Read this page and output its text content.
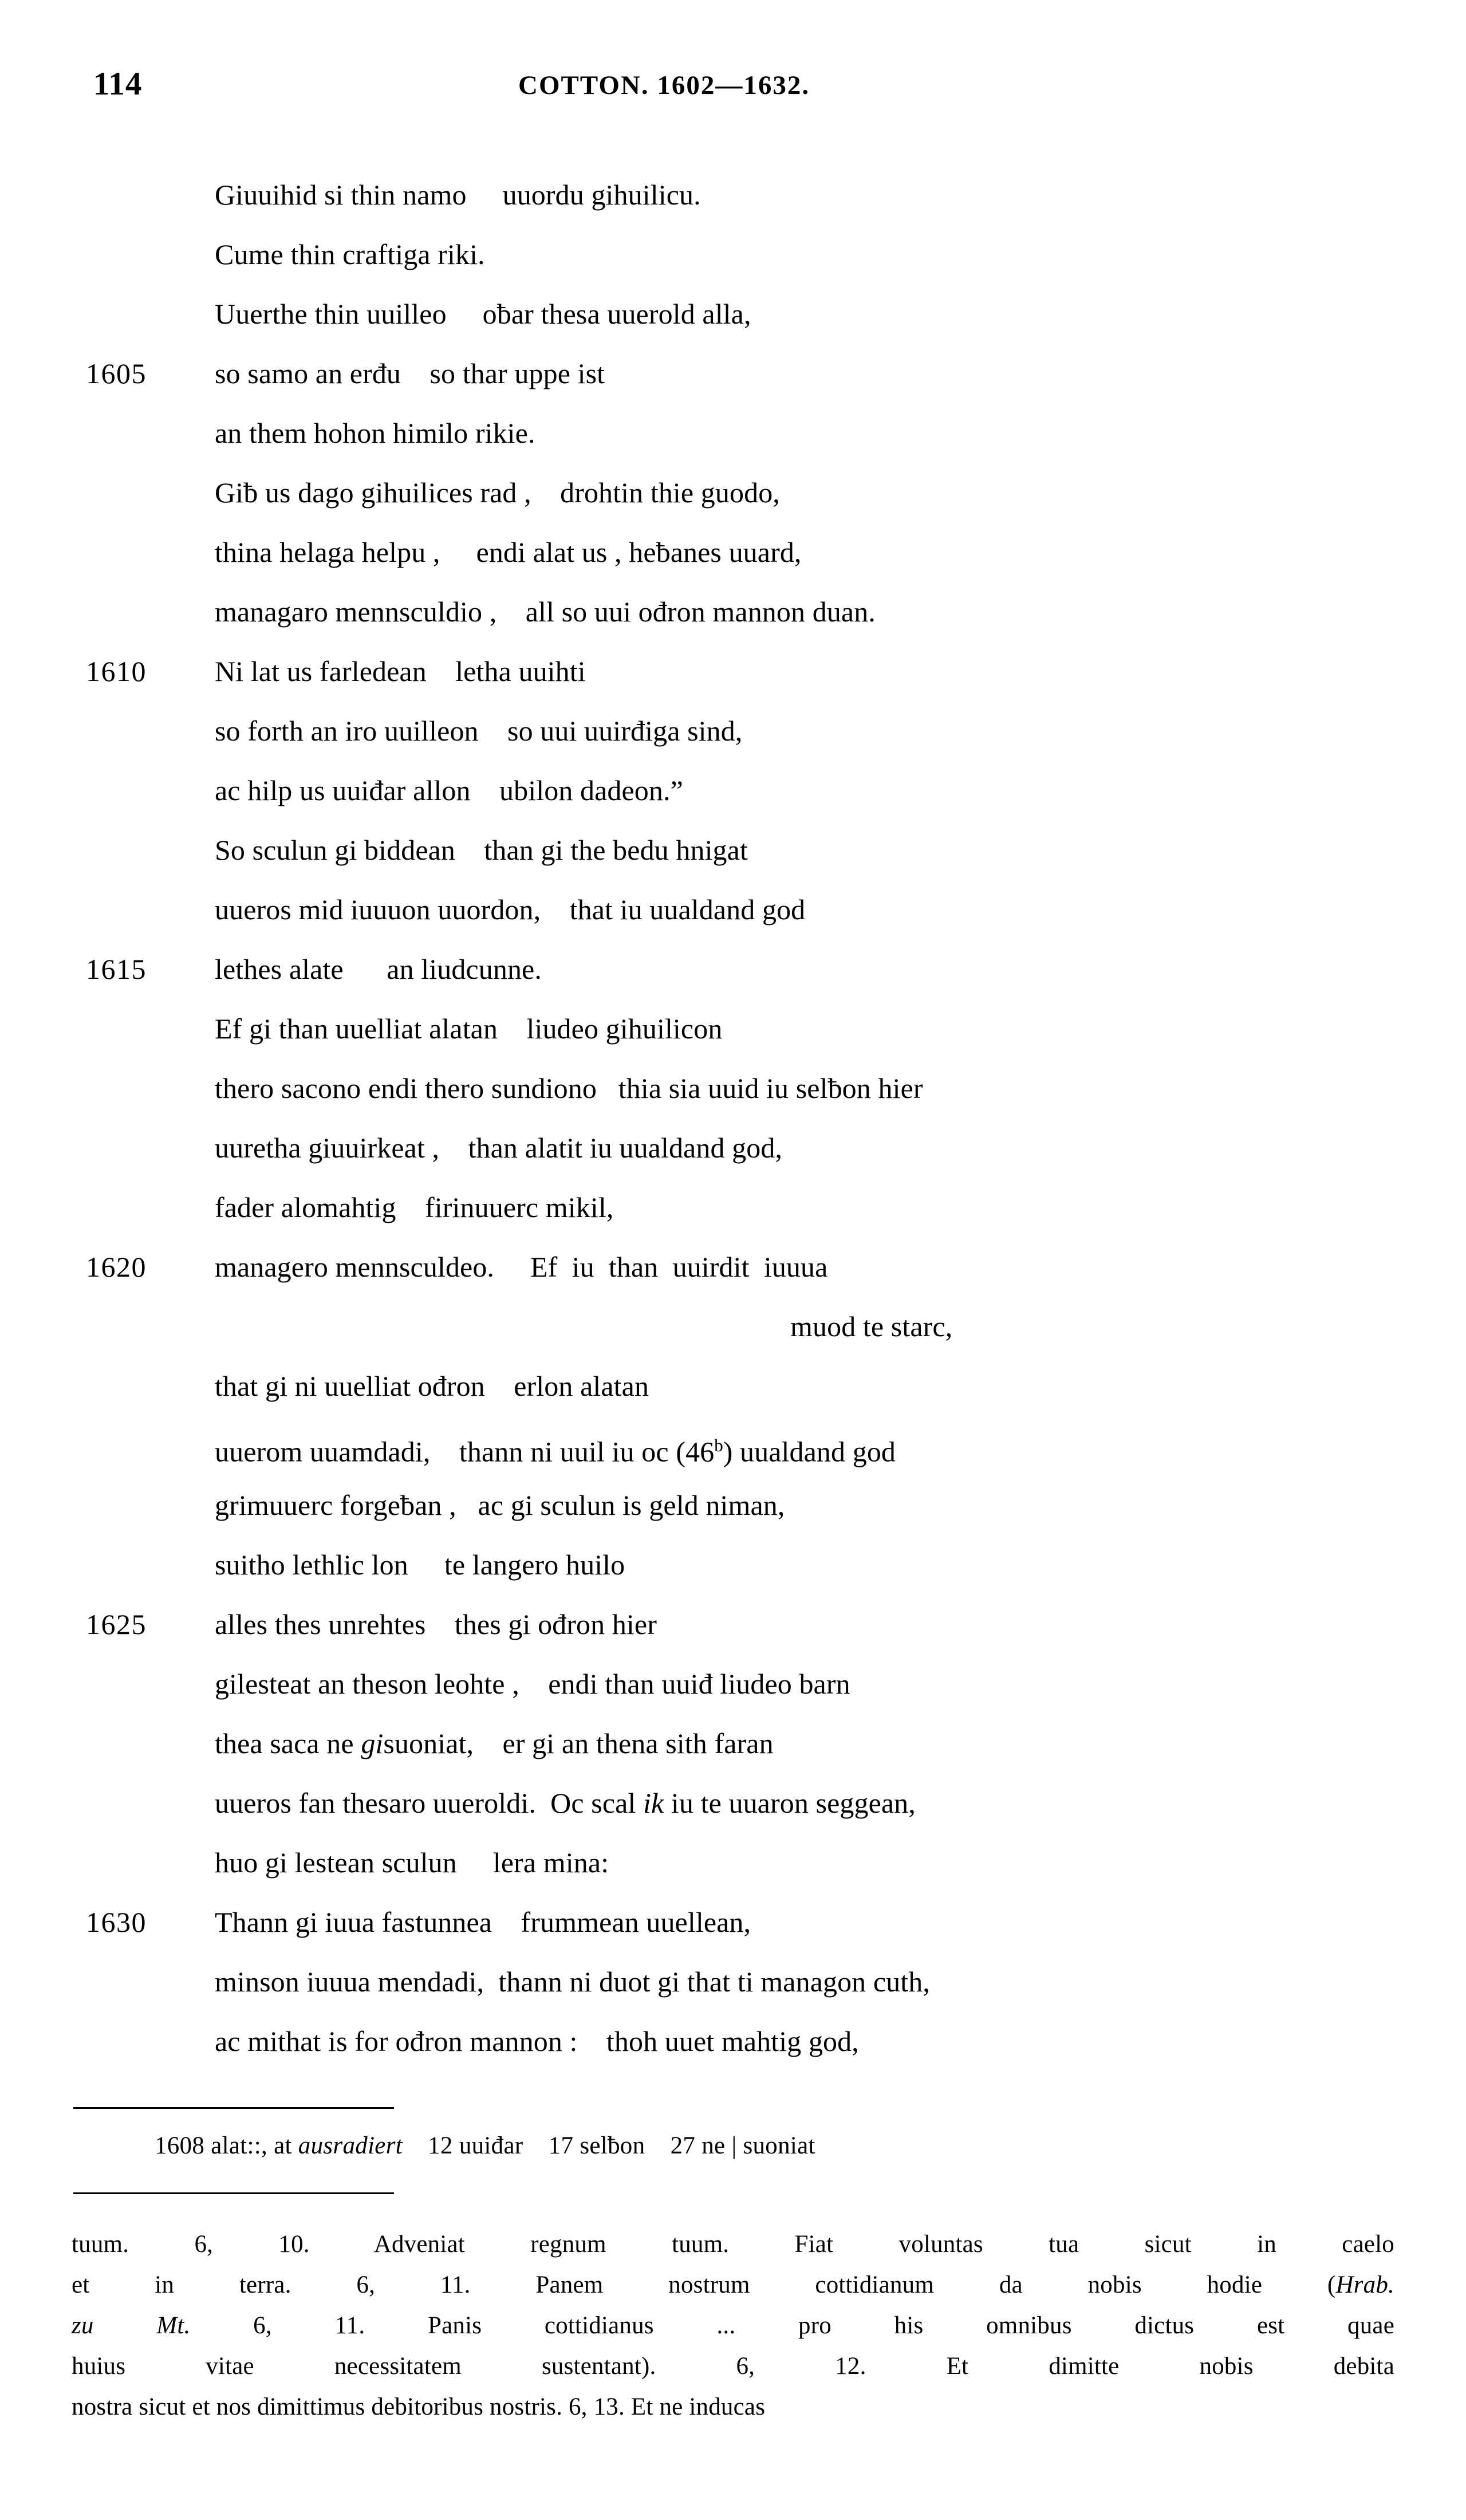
114	COTTON. 1602—1632.
Giuuihid si thin namo     uuordu gihuilicu.
Cume thin craftiga riki.
Uuerthe thin uuilleo     oƀar thesa uuerold alla,
1605	so samo an erđu    so thar uppe ist
an them hohon himilo rikie.
Giƀ us dago gihuilices rad ,    drohtin thie guodo,
thina helaga helpu ,     endi alat us , heƀanes uuard,
managaro mennsculdio ,    all so uui ođron mannon duan.
1610	Ni lat us farledean    letha uuihti
so forth an iro uuilleon    so uui uuirđiga sind,
ac hilp us uuiđar allon    ubilon dadeon.”
So sculun gi biddean    than gi the bedu hnigat
uueros mid iuuuon uuordon,    that iu uualdand god
1615	lethes alate      an liudcunne.
Ef gi than uuelliat alatan    liudeo gihuilicon
thero sacono endi thero sundiono   thia sia uuid iu selƀon hier
uuretha giuuirkeat ,    than alatit iu uualdand god,
fader alomahtig    firinuuerc mikil,
1620	managero mennsculdeo.     Ef  iu  than  uuirdit  iuuua
muod te starc,
that gi ni uuelliat ođron    erlon alatan
uuerom uuamdadi,    thann ni uuil iu oc (46$^b$) uualdand god
grimuuerc forgeƀan ,   ac gi sculun is geld niman,
suitho lethlic lon     te langero huilo
1625	alles thes unrehtes    thes gi ođron hier
gilesteat an theson leohte ,    endi than uuiđ liudeo barn
thea saca ne gisuoniat,    er gi an thena sith faran
uueros fan thesaro uueroldi.  Oc scal ik iu te uuaron seggean,
huo gi lestean sculun     lera mina:
1630	Thann gi iuua fastunnea    frummean uuellean,
minson iuuua mendadi,  thann ni duot gi that ti managon cuth,
ac mithat is for ođron mannon :    thoh uuet mahtig god,
1608 alat::, at ausradiert    12 uuiđar    17 selƀon    27 ne | suoniat

tuum. 6, 10. Adveniat regnum tuum. Fiat voluntas tua sicut in caelo

et in terra. 6, 11. Panem nostrum cottidianum da nobis hodie (Hrab.

zu Mt. 6, 11. Panis cottidianus ... pro his omnibus dictus est quae

huius vitae necessitatem sustentant). 6, 12. Et dimitte nobis debita

nostra sicut et nos dimittimus debitoribus nostris. 6, 13. Et ne inducas
